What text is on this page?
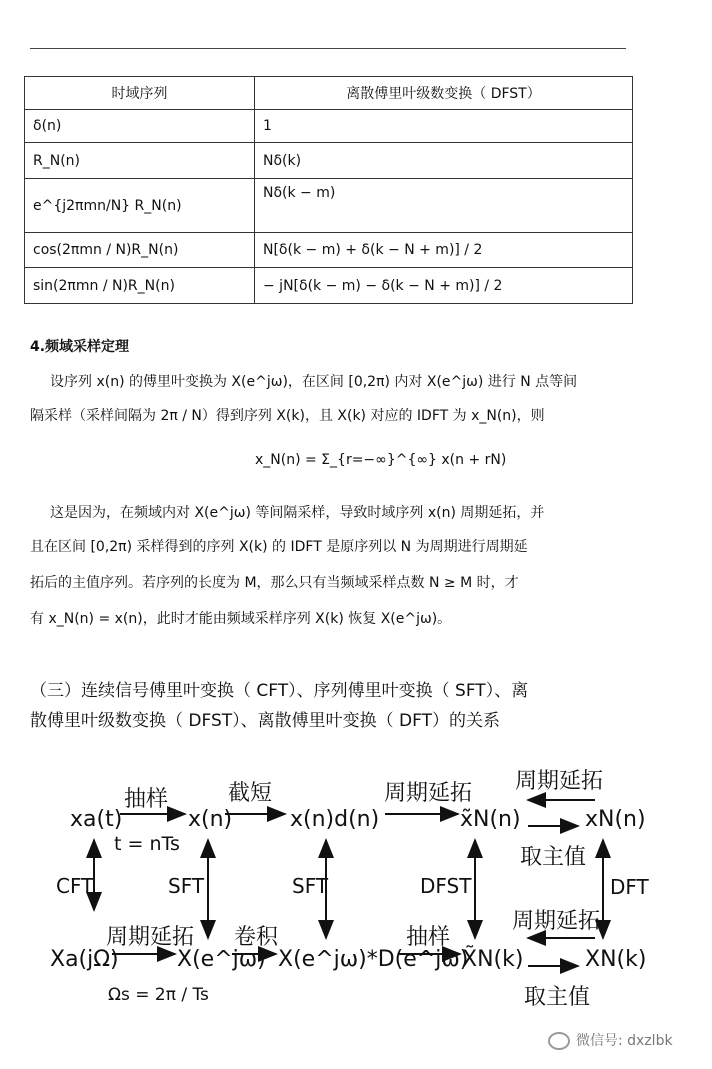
时域序列	离散傅里叶级数变换（ DFST）
δ(n)	1
R_N(n)	Nδ(k)
e^{j2πmn/N} R_N(n)	Nδ(k − m)
cos(2πmn / N)R_N(n)	N[δ(k − m) + δ(k − N + m)] / 2
sin(2πmn / N)R_N(n)	− jN[δ(k − m) − δ(k − N + m)] / 2
4.频域采样定理
设序列 x(n) 的傅里叶变换为 X(e^jω)，在区间 [0,2π) 内对 X(e^jω) 进行 N 点等间
隔采样（采样间隔为 2π / N）得到序列 X(k)，且 X(k) 对应的 IDFT 为 x_N(n)，则
x_N(n) = Σ_{r=−∞}^{∞} x(n + rN)
这是因为，在频域内对 X(e^jω) 等间隔采样，导致时域序列 x(n) 周期延拓，并
且在区间 [0,2π) 采样得到的序列 X(k) 的 IDFT 是原序列以 N 为周期进行周期延
拓后的主值序列。若序列的长度为 M，那么只有当频域采样点数 N ≥ M 时，才
有 x_N(n) = x(n)，此时才能由频域采样序列 X(k) 恢复 X(e^jω)。
（三）连续信号傅里叶变换（ CFT）、序列傅里叶变换（ SFT）、离
散傅里叶级数变换（ DFST）、离散傅里叶变换（ DFT）的关系
xa(t)	x(n)	x(n)d(n)	x̃N(n)	xN(n)
抽样	截短	周期延拓 周期延拓
取主值
t = nTs
CFT	SFT	SFT	DFST	DFT
Xa(jΩ)	X(e^jω) X(e^jω)*D(e^jω)
X̃N(k)	XN(k)
周期延拓 卷积	抽样
周期延拓
取主值
Ωs = 2π / Ts
微信号: dxzlbk
